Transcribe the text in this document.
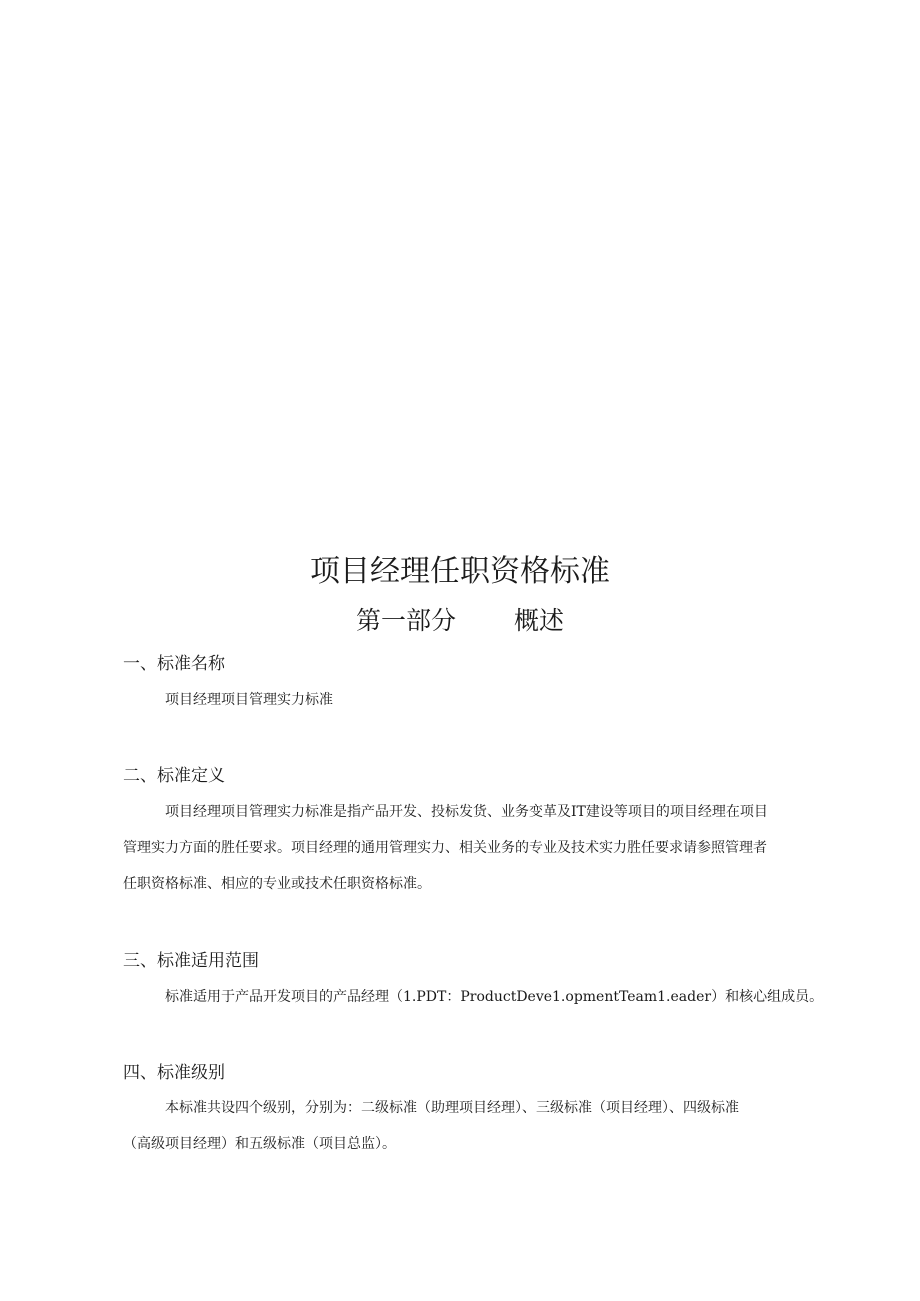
项目经理任职资格标准
第一部分 概述
一、标准名称
项目经理项目管理实力标准
二、标准定义
项目经理项目管理实力标准是指产品开发、投标发货、业务变革及IT建设等项目的项目经理在项目
管理实力方面的胜任要求。项目经理的通用管理实力、相关业务的专业及技术实力胜任要求请参照管理者
任职资格标准、相应的专业或技术任职资格标准。
三、标准适用范围
标准适用于产品开发项目的产品经理（1.PDT：ProductDeve1.opmentTeam1.eader）和核心组成员。
四、标准级别
本标准共设四个级别，分别为：二级标准（助理项目经理）、三级标准（项目经理）、四级标准
（高级项目经理）和五级标准（项目总监）。
